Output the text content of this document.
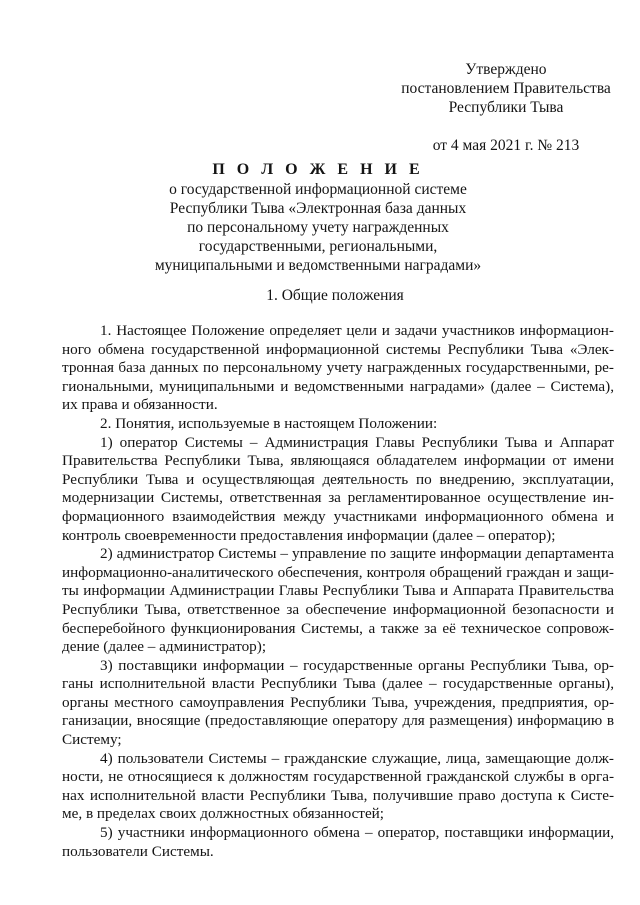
Утверждено
постановлением Правительства
Республики Тыва
от 4 мая 2021 г. № 213
П О Л О Ж Е Н И Е
о государственной информационной системе
Республики Тыва «Электронная база данных
по персональному учету награжденных
государственными, региональными,
муниципальными и ведомственными наградами»
1. Общие положения
1. Настоящее Положение определяет цели и задачи участников информацион-
ного обмена государственной информационной системы Республики Тыва «Элек-
тронная база данных по персональному учету награжденных государственными, ре-
гиональными, муниципальными и ведомственными наградами» (далее – Система),
их права и обязанности.
2. Понятия, используемые в настоящем Положении:
1) оператор Системы – Администрация Главы Республики Тыва и Аппарат
Правительства Республики Тыва, являющаяся обладателем информации от имени
Республики Тыва и осуществляющая деятельность по внедрению, эксплуатации,
модернизации Системы, ответственная за регламентированное осуществление ин-
формационного взаимодействия между участниками информационного обмена и
контроль своевременности предоставления информации (далее – оператор);
2) администратор Системы – управление по защите информации департамента
информационно-аналитического обеспечения, контроля обращений граждан и защи-
ты информации Администрации Главы Республики Тыва и Аппарата Правительства
Республики Тыва, ответственное за обеспечение информационной безопасности и
бесперебойного функционирования Системы, а также за её техническое сопровож-
дение (далее – администратор);
3) поставщики информации – государственные органы Республики Тыва, ор-
ганы исполнительной власти Республики Тыва (далее – государственные органы),
органы местного самоуправления Республики Тыва, учреждения, предприятия, ор-
ганизации, вносящие (предоставляющие оператору для размещения) информацию в
Систему;
4) пользователи Системы – гражданские служащие, лица, замещающие долж-
ности, не относящиеся к должностям государственной гражданской службы в орга-
нах исполнительной власти Республики Тыва, получившие право доступа к Систе-
ме, в пределах своих должностных обязанностей;
5) участники информационного обмена – оператор, поставщики информации,
пользователи Системы.
